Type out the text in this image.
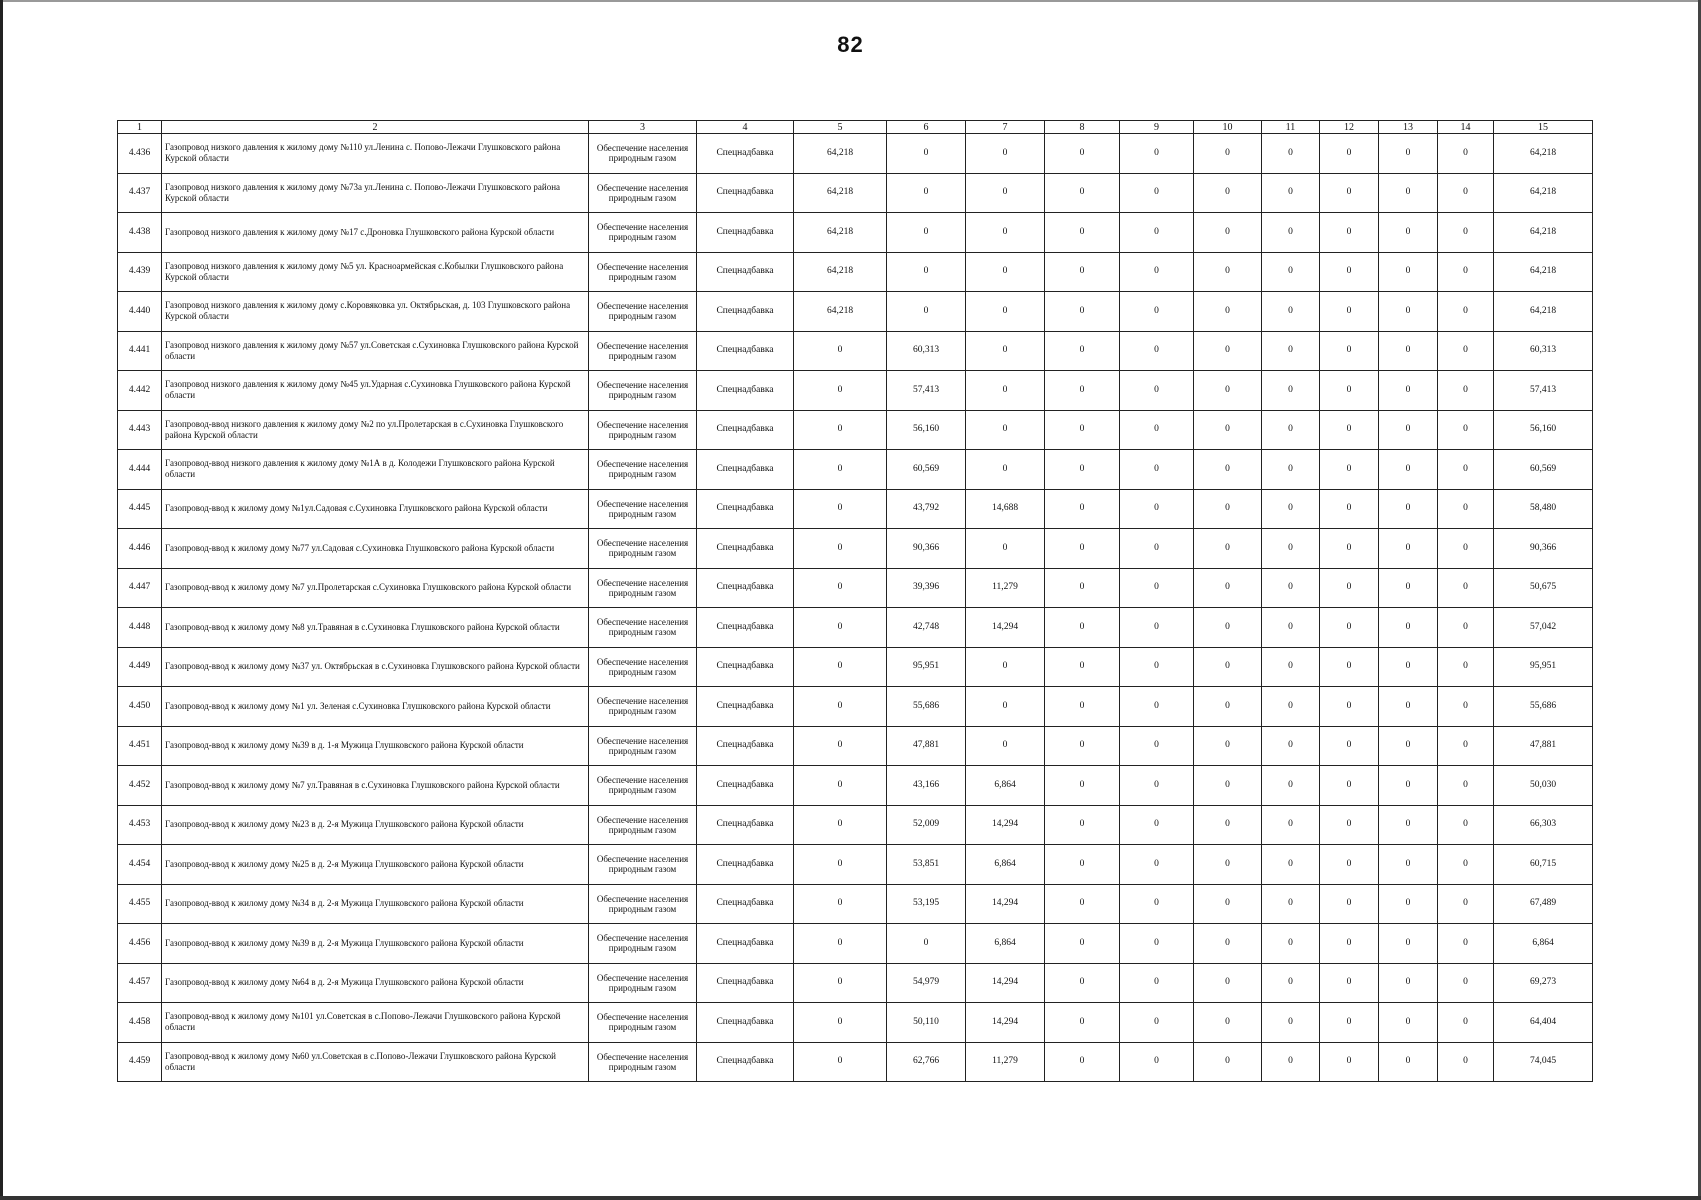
82
1	2	3	4	5	6	7	8	9	10	11	12	13	14	15
4.436	Газопровод низкого давления к жилому дому №110 ул.Ленина с. Попово-Лежачи Глушковского района Курской области	Обеспечение населения природным газом	Спецнадбавка	64,218	0	0	0	0	0	0	0	0	0	64,218
4.437	Газопровод низкого давления к жилому дому №73а ул.Ленина с. Попово-Лежачи Глушковского района Курской области	Обеспечение населения природным газом	Спецнадбавка	64,218	0	0	0	0	0	0	0	0	0	64,218
4.438	Газопровод низкого давления к жилому дому №17 с.Дроновка Глушковского района Курской области	Обеспечение населения природным газом	Спецнадбавка	64,218	0	0	0	0	0	0	0	0	0	64,218
4.439	Газопровод низкого давления к жилому дому №5 ул. Красноармейская с.Кобылки Глушковского района Курской области	Обеспечение населения природным газом	Спецнадбавка	64,218	0	0	0	0	0	0	0	0	0	64,218
4.440	Газопровод низкого давления к жилому дому с.Коровяковка ул. Октябрьская, д. 103 Глушковского района Курской области	Обеспечение населения природным газом	Спецнадбавка	64,218	0	0	0	0	0	0	0	0	0	64,218
4.441	Газопровод низкого давления к жилому дому №57 ул.Советская с.Сухиновка Глушковского района Курской области	Обеспечение населения природным газом	Спецнадбавка	0	60,313	0	0	0	0	0	0	0	0	60,313
4.442	Газопровод низкого давления к жилому дому №45 ул.Ударная с.Сухиновка Глушковского района Курской области	Обеспечение населения природным газом	Спецнадбавка	0	57,413	0	0	0	0	0	0	0	0	57,413
4.443	Газопровод-ввод низкого давления к жилому дому №2 по ул.Пролетарская в с.Сухиновка Глушковского района Курской области	Обеспечение населения природным газом	Спецнадбавка	0	56,160	0	0	0	0	0	0	0	0	56,160
4.444	Газопровод-ввод низкого давления к жилому дому №1А в д. Колодежи Глушковского района Курской области	Обеспечение населения природным газом	Спецнадбавка	0	60,569	0	0	0	0	0	0	0	0	60,569
4.445	Газопровод-ввод к жилому дому №1ул.Садовая с.Сухиновка Глушковского района Курской области	Обеспечение населения природным газом	Спецнадбавка	0	43,792	14,688	0	0	0	0	0	0	0	58,480
4.446	Газопровод-ввод к жилому дому №77 ул.Садовая с.Сухиновка Глушковского района Курской области	Обеспечение населения природным газом	Спецнадбавка	0	90,366	0	0	0	0	0	0	0	0	90,366
4.447	Газопровод-ввод к жилому дому №7 ул.Пролетарская с.Сухиновка Глушковского района Курской области	Обеспечение населения природным газом	Спецнадбавка	0	39,396	11,279	0	0	0	0	0	0	0	50,675
4.448	Газопровод-ввод к жилому дому №8 ул.Травяная в с.Сухиновка Глушковского района Курской области	Обеспечение населения природным газом	Спецнадбавка	0	42,748	14,294	0	0	0	0	0	0	0	57,042
4.449	Газопровод-ввод к жилому дому №37 ул. Октябрьская в с.Сухиновка Глушковского района Курской области	Обеспечение населения природным газом	Спецнадбавка	0	95,951	0	0	0	0	0	0	0	0	95,951
4.450	Газопровод-ввод к жилому дому №1 ул. Зеленая с.Сухиновка Глушковского района Курской области	Обеспечение населения природным газом	Спецнадбавка	0	55,686	0	0	0	0	0	0	0	0	55,686
4.451	Газопровод-ввод к жилому дому №39 в д. 1-я Мужица Глушковского района Курской области	Обеспечение населения природным газом	Спецнадбавка	0	47,881	0	0	0	0	0	0	0	0	47,881
4.452	Газопровод-ввод к жилому дому №7 ул.Травяная в с.Сухиновка Глушковского района Курской области	Обеспечение населения природным газом	Спецнадбавка	0	43,166	6,864	0	0	0	0	0	0	0	50,030
4.453	Газопровод-ввод к жилому дому №23 в д. 2-я Мужица Глушковского района Курской области	Обеспечение населения природным газом	Спецнадбавка	0	52,009	14,294	0	0	0	0	0	0	0	66,303
4.454	Газопровод-ввод к жилому дому №25 в д. 2-я Мужица Глушковского района Курской области	Обеспечение населения природным газом	Спецнадбавка	0	53,851	6,864	0	0	0	0	0	0	0	60,715
4.455	Газопровод-ввод к жилому дому №34 в д. 2-я Мужица Глушковского района Курской области	Обеспечение населения природным газом	Спецнадбавка	0	53,195	14,294	0	0	0	0	0	0	0	67,489
4.456	Газопровод-ввод к жилому дому №39 в д. 2-я Мужица Глушковского района Курской области	Обеспечение населения природным газом	Спецнадбавка	0	0	6,864	0	0	0	0	0	0	0	6,864
4.457	Газопровод-ввод к жилому дому №64 в д. 2-я Мужица Глушковского района Курской области	Обеспечение населения природным газом	Спецнадбавка	0	54,979	14,294	0	0	0	0	0	0	0	69,273
4.458	Газопровод-ввод к жилому дому №101 ул.Советская в с.Попово-Лежачи Глушковского района Курской области	Обеспечение населения природным газом	Спецнадбавка	0	50,110	14,294	0	0	0	0	0	0	0	64,404
4.459	Газопровод-ввод к жилому дому №60 ул.Советская в с.Попово-Лежачи Глушковского района Курской области	Обеспечение населения природным газом	Спецнадбавка	0	62,766	11,279	0	0	0	0	0	0	0	74,045
